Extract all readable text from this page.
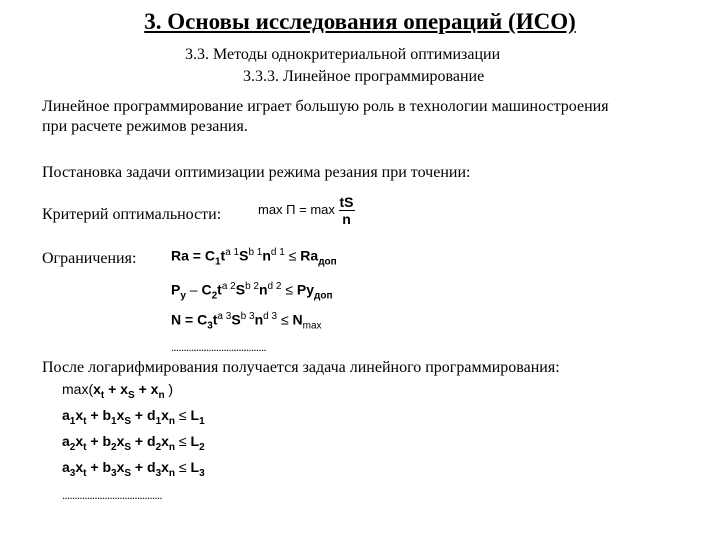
3. Основы исследования операций (ИСО)
3.3. Методы однокритериальной оптимизации
3.3.3. Линейное программирование
Линейное программирование играет большую роль в технологии машиностроения
при расчете режимов резания.
Постановка задачи оптимизации режима резания при точении:
Критерий оптимальности:	$\max П = \max \frac{tS}{n}$
Ограничения: $Ra = C_1t^{a 1}S^{b 1}n^{d 1} \le Ra_{доп}$
$P_y - C_2t^{a 2}S^{b 2}n^{d 2} \le Py_{доп}$
$N = C_3t^{a 3}S^{b 3}n^{d 3} \le N_{max}$
......................................
После логарифмирования получается задача линейного программирования:
$\max(x_t + x_S + x_n$ )
$a_1x_t + b_1x_S + d_1x_n \le L_1$
$a_2x_t + b_2x_S + d_2x_n \le L_2$
$a_3x_t + b_3x_S + d_3x_n \le L_3$
........................................
